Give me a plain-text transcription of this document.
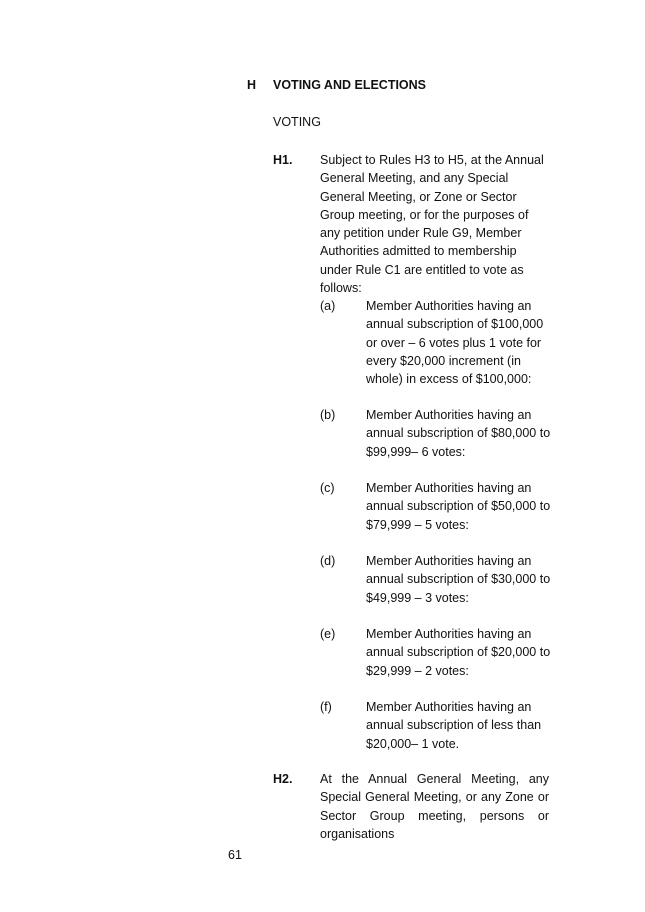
H VOTING AND ELECTIONS
VOTING
H1. Subject to Rules H3 to H5, at the Annual General Meeting, and any Special General Meeting, or Zone or Sector Group meeting, or for the purposes of any petition under Rule G9, Member Authorities admitted to membership under Rule C1 are entitled to vote as follows:
(a) Member Authorities having an annual subscription of $100,000 or over – 6 votes plus 1 vote for every $20,000 increment (in whole) in excess of $100,000:
(b) Member Authorities having an annual subscription of $80,000 to $99,999– 6 votes:
(c)	Member Authorities having an annual subscription of $50,000 to $79,999 – 5 votes:
(d) Member Authorities having an annual subscription of $30,000 to $49,999 – 3 votes:
(e) Member Authorities having an annual subscription of $20,000 to $29,999 – 2 votes:
(f)	Member Authorities having an annual subscription of less than $20,000– 1 vote.
H2. At the Annual General Meeting, any Special General Meeting, or any Zone or Sector Group meeting, persons or organisations
61
